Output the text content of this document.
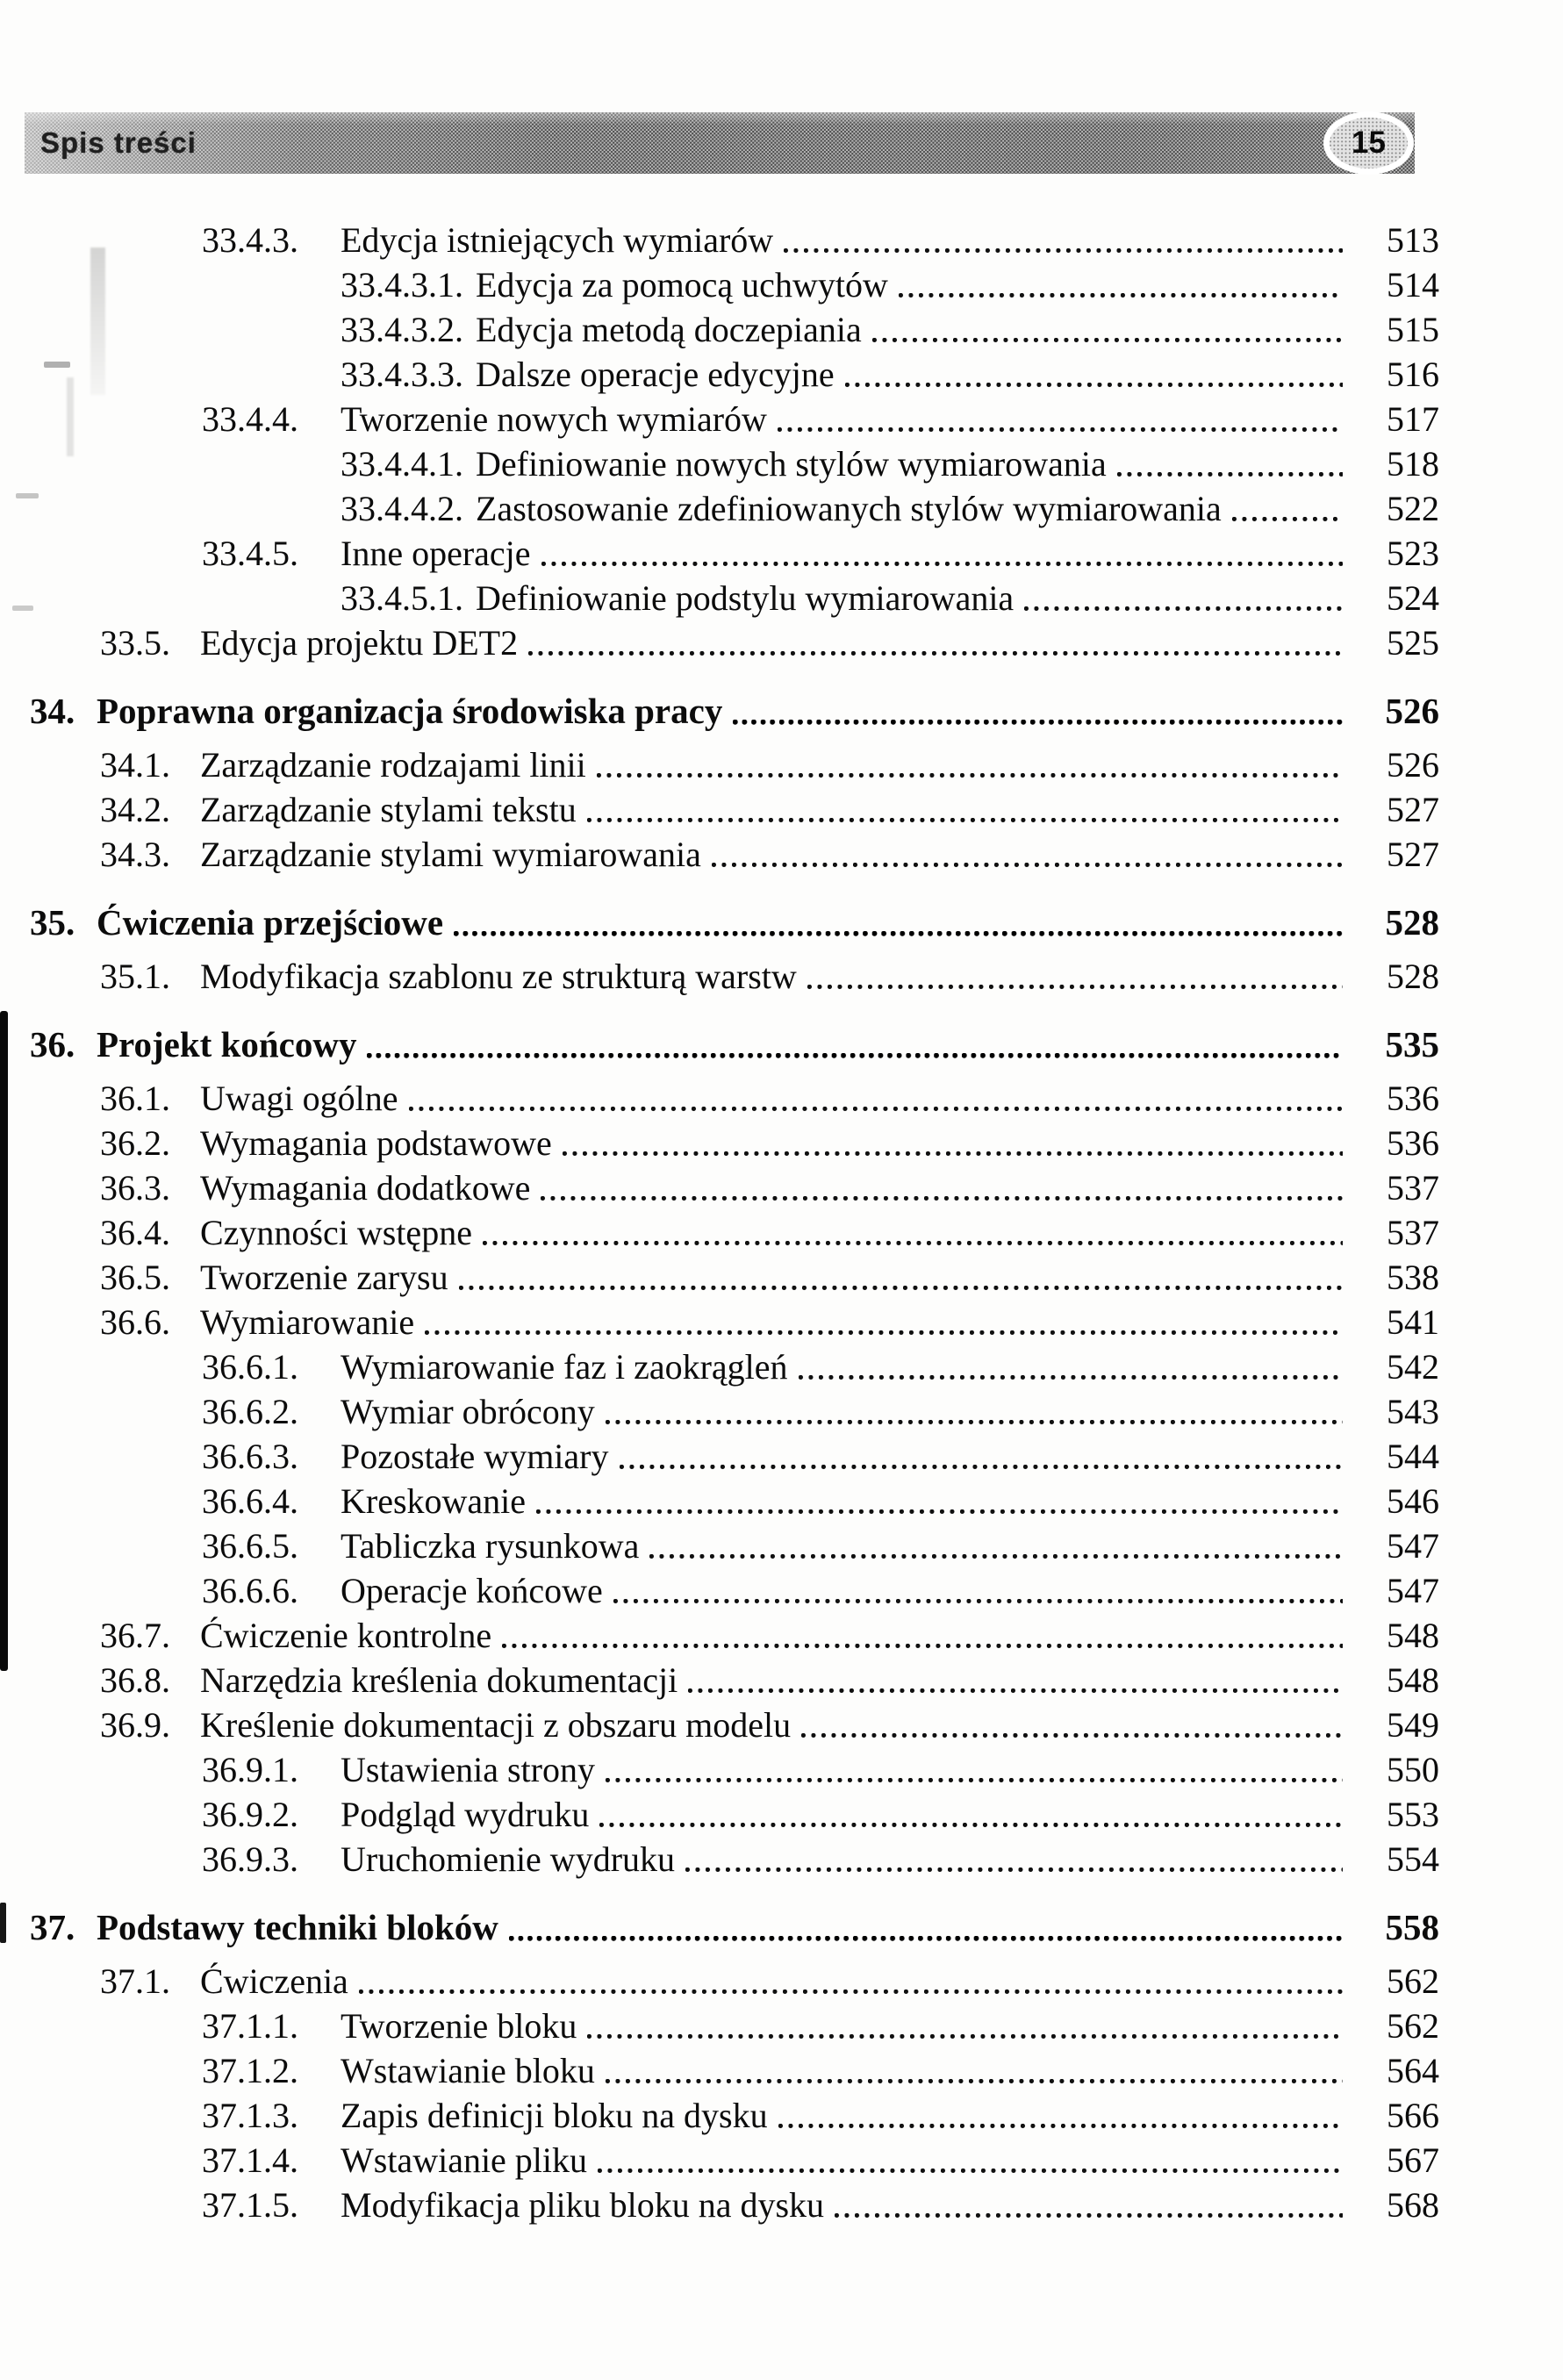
Spis treści	15
33.4.3.	Edycja istniejących wymiarów	513
33.4.3.1. Edycja za pomocą uchwytów	514
33.4.3.2. Edycja metodą doczepiania	515
33.4.3.3. Dalsze operacje edycyjne	516
33.4.4.	Tworzenie nowych wymiarów	517
33.4.4.1. Definiowanie nowych stylów wymiarowania	518
33.4.4.2. Zastosowanie zdefiniowanych stylów wymiarowania	522
33.4.5.	Inne operacje	523
33.4.5.1. Definiowanie podstylu wymiarowania	524
33.5. Edycja projektu DET2	525
34. Poprawna organizacja środowiska pracy	526
34.1. Zarządzanie rodzajami linii	526
34.2. Zarządzanie stylami tekstu	527
34.3. Zarządzanie stylami wymiarowania	527
35. Ćwiczenia przejściowe	528
35.1. Modyfikacja szablonu ze strukturą warstw	528
36. Projekt końcowy	535
36.1. Uwagi ogólne	536
36.2. Wymagania podstawowe	536
36.3. Wymagania dodatkowe	537
36.4. Czynności wstępne	537
36.5. Tworzenie zarysu	538
36.6. Wymiarowanie	541
36.6.1.	Wymiarowanie faz i zaokrągleń	542
36.6.2.	Wymiar obrócony	543
36.6.3.	Pozostałe wymiary	544
36.6.4.	Kreskowanie	546
36.6.5.	Tabliczka rysunkowa	547
36.6.6.	Operacje końcowe	547
36.7. Ćwiczenie kontrolne	548
36.8. Narzędzia kreślenia dokumentacji	548
36.9. Kreślenie dokumentacji z obszaru modelu	549
36.9.1.	Ustawienia strony	550
36.9.2.	Podgląd wydruku	553
36.9.3.	Uruchomienie wydruku	554
37. Podstawy techniki bloków	558
37.1. Ćwiczenia	562
37.1.1.	Tworzenie bloku	562
37.1.2.	Wstawianie bloku	564
37.1.3.	Zapis definicji bloku na dysku	566
37.1.4.	Wstawianie pliku	567
37.1.5.	Modyfikacja pliku bloku na dysku	568
